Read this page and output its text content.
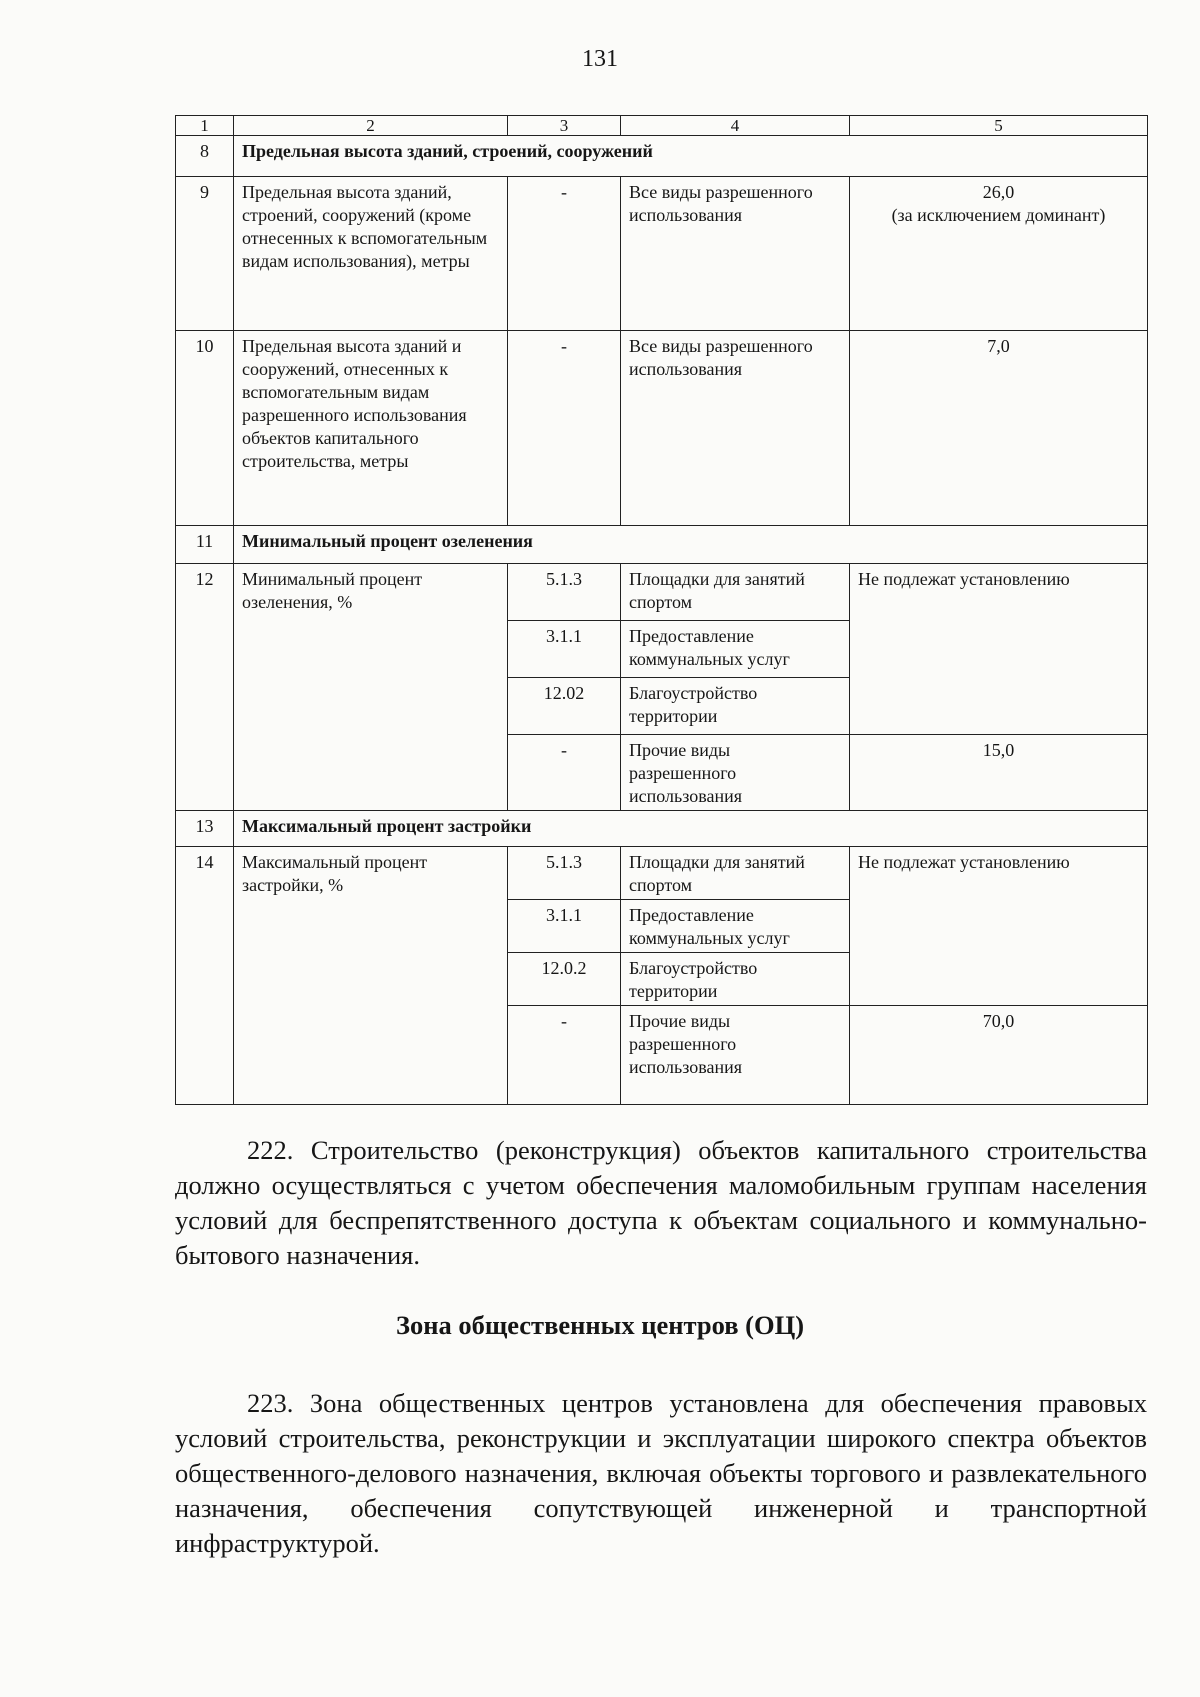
131
1	2	3	4	5
8	Предельная высота зданий, строений, сооружений			
9	Предельная высота зданий, строений, сооружений (кроме отнесенных к вспомогательным видам использования), метры	-	Все виды разрешенного использования	26,0
(за исключением доминант)

10	Предельная высота зданий и сооружений, отнесенных к вспомогательным видам разрешенного использования объектов капитального строительства, метры	-	Все виды разрешенного использования	7,0
11	Минимальный процент озеленения			
12	Минимальный процент озеленения, %	5.1.3	Площадки для занятий спортом	Не подлежат установлению
		3.1.1	Предоставление коммунальных услуг	
		12.02	Благоустройство территории	
		-	Прочие виды разрешенного использования	15,0
13	Максимальный процент застройки			
14	Максимальный процент застройки, %	5.1.3	Площадки для занятий спортом	Не подлежат установлению
		3.1.1	Предоставление коммунальных услуг	
		12.0.2	Благоустройство территории	
		-	Прочие виды разрешенного использования	70,0
222. Строительство (реконструкция) объектов капитального строительства должно осуществляться с учетом обеспечения маломобильным группам населения условий для беспрепятственного доступа к объектам социального и коммунально-бытового назначения.
Зона общественных центров (ОЦ)
223. Зона общественных центров установлена для обеспечения правовых условий строительства, реконструкции и эксплуатации широкого спектра объектов общественного-делового назначения, включая объекты торгового и развлекательного назначения, обеспечения сопутствующей инженерной и транспортной инфраструктурой.
